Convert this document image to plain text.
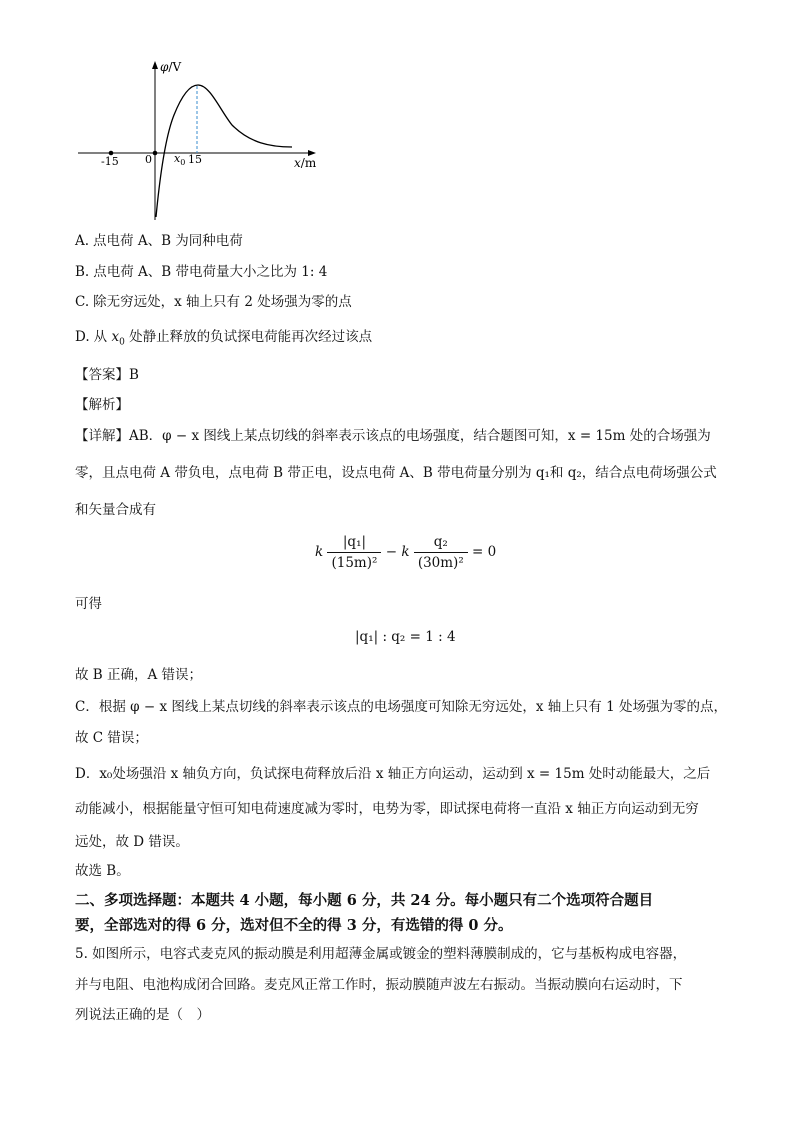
φ/V
x/m
-15 0 $x_0$ 15
A. 点电荷 A、B 为同种电荷
B. 点电荷 A、B 带电荷量大小之比为 1: 4
C. 除无穷远处，x 轴上只有 2 处场强为零的点
D. 从 $x_0$ 处静止释放的负试探电荷能再次经过该点
【答案】B
【解析】
【详解】AB．φ − x 图线上某点切线的斜率表示该点的电场强度，结合题图可知，x = 15m 处的合场强为
零，且点电荷 A 带负电，点电荷 B 带正电，设点电荷 A、B 带电荷量分别为 q₁和 q₂，结合点电荷场强公式
和矢量合成有
k $\frac{\text{|q₁|}}{\text{(15m)²}} - k \frac{\text{q₂}}{\text{(30m)²}} = 0$
可得
|q₁| : q₂ = 1 : 4
故 B 正确，A 错误；
C．根据 φ − x 图线上某点切线的斜率表示该点的电场强度可知除无穷远处，x 轴上只有 1 处场强为零的点，
故 C 错误；
D．x₀处场强沿 x 轴负方向，负试探电荷释放后沿 x 轴正方向运动，运动到 x = 15m 处时动能最大，之后
动能减小，根据能量守恒可知电荷速度减为零时，电势为零，即试探电荷将一直沿 x 轴正方向运动到无穷
远处，故 D 错误。
故选 B。
二、多项选择题：本题共 4 小题，每小题 6 分，共 24 分。每小题只有二个选项符合题目
要，全部选对的得 6 分，选对但不全的得 3 分，有选错的得 0 分。
5. 如图所示，电容式麦克风的振动膜是利用超薄金属或镀金的塑料薄膜制成的，它与基板构成电容器，
并与电阻、电池构成闭合回路。麦克风正常工作时，振动膜随声波左右振动。当振动膜向右运动时，下
列说法正确的是（　）
